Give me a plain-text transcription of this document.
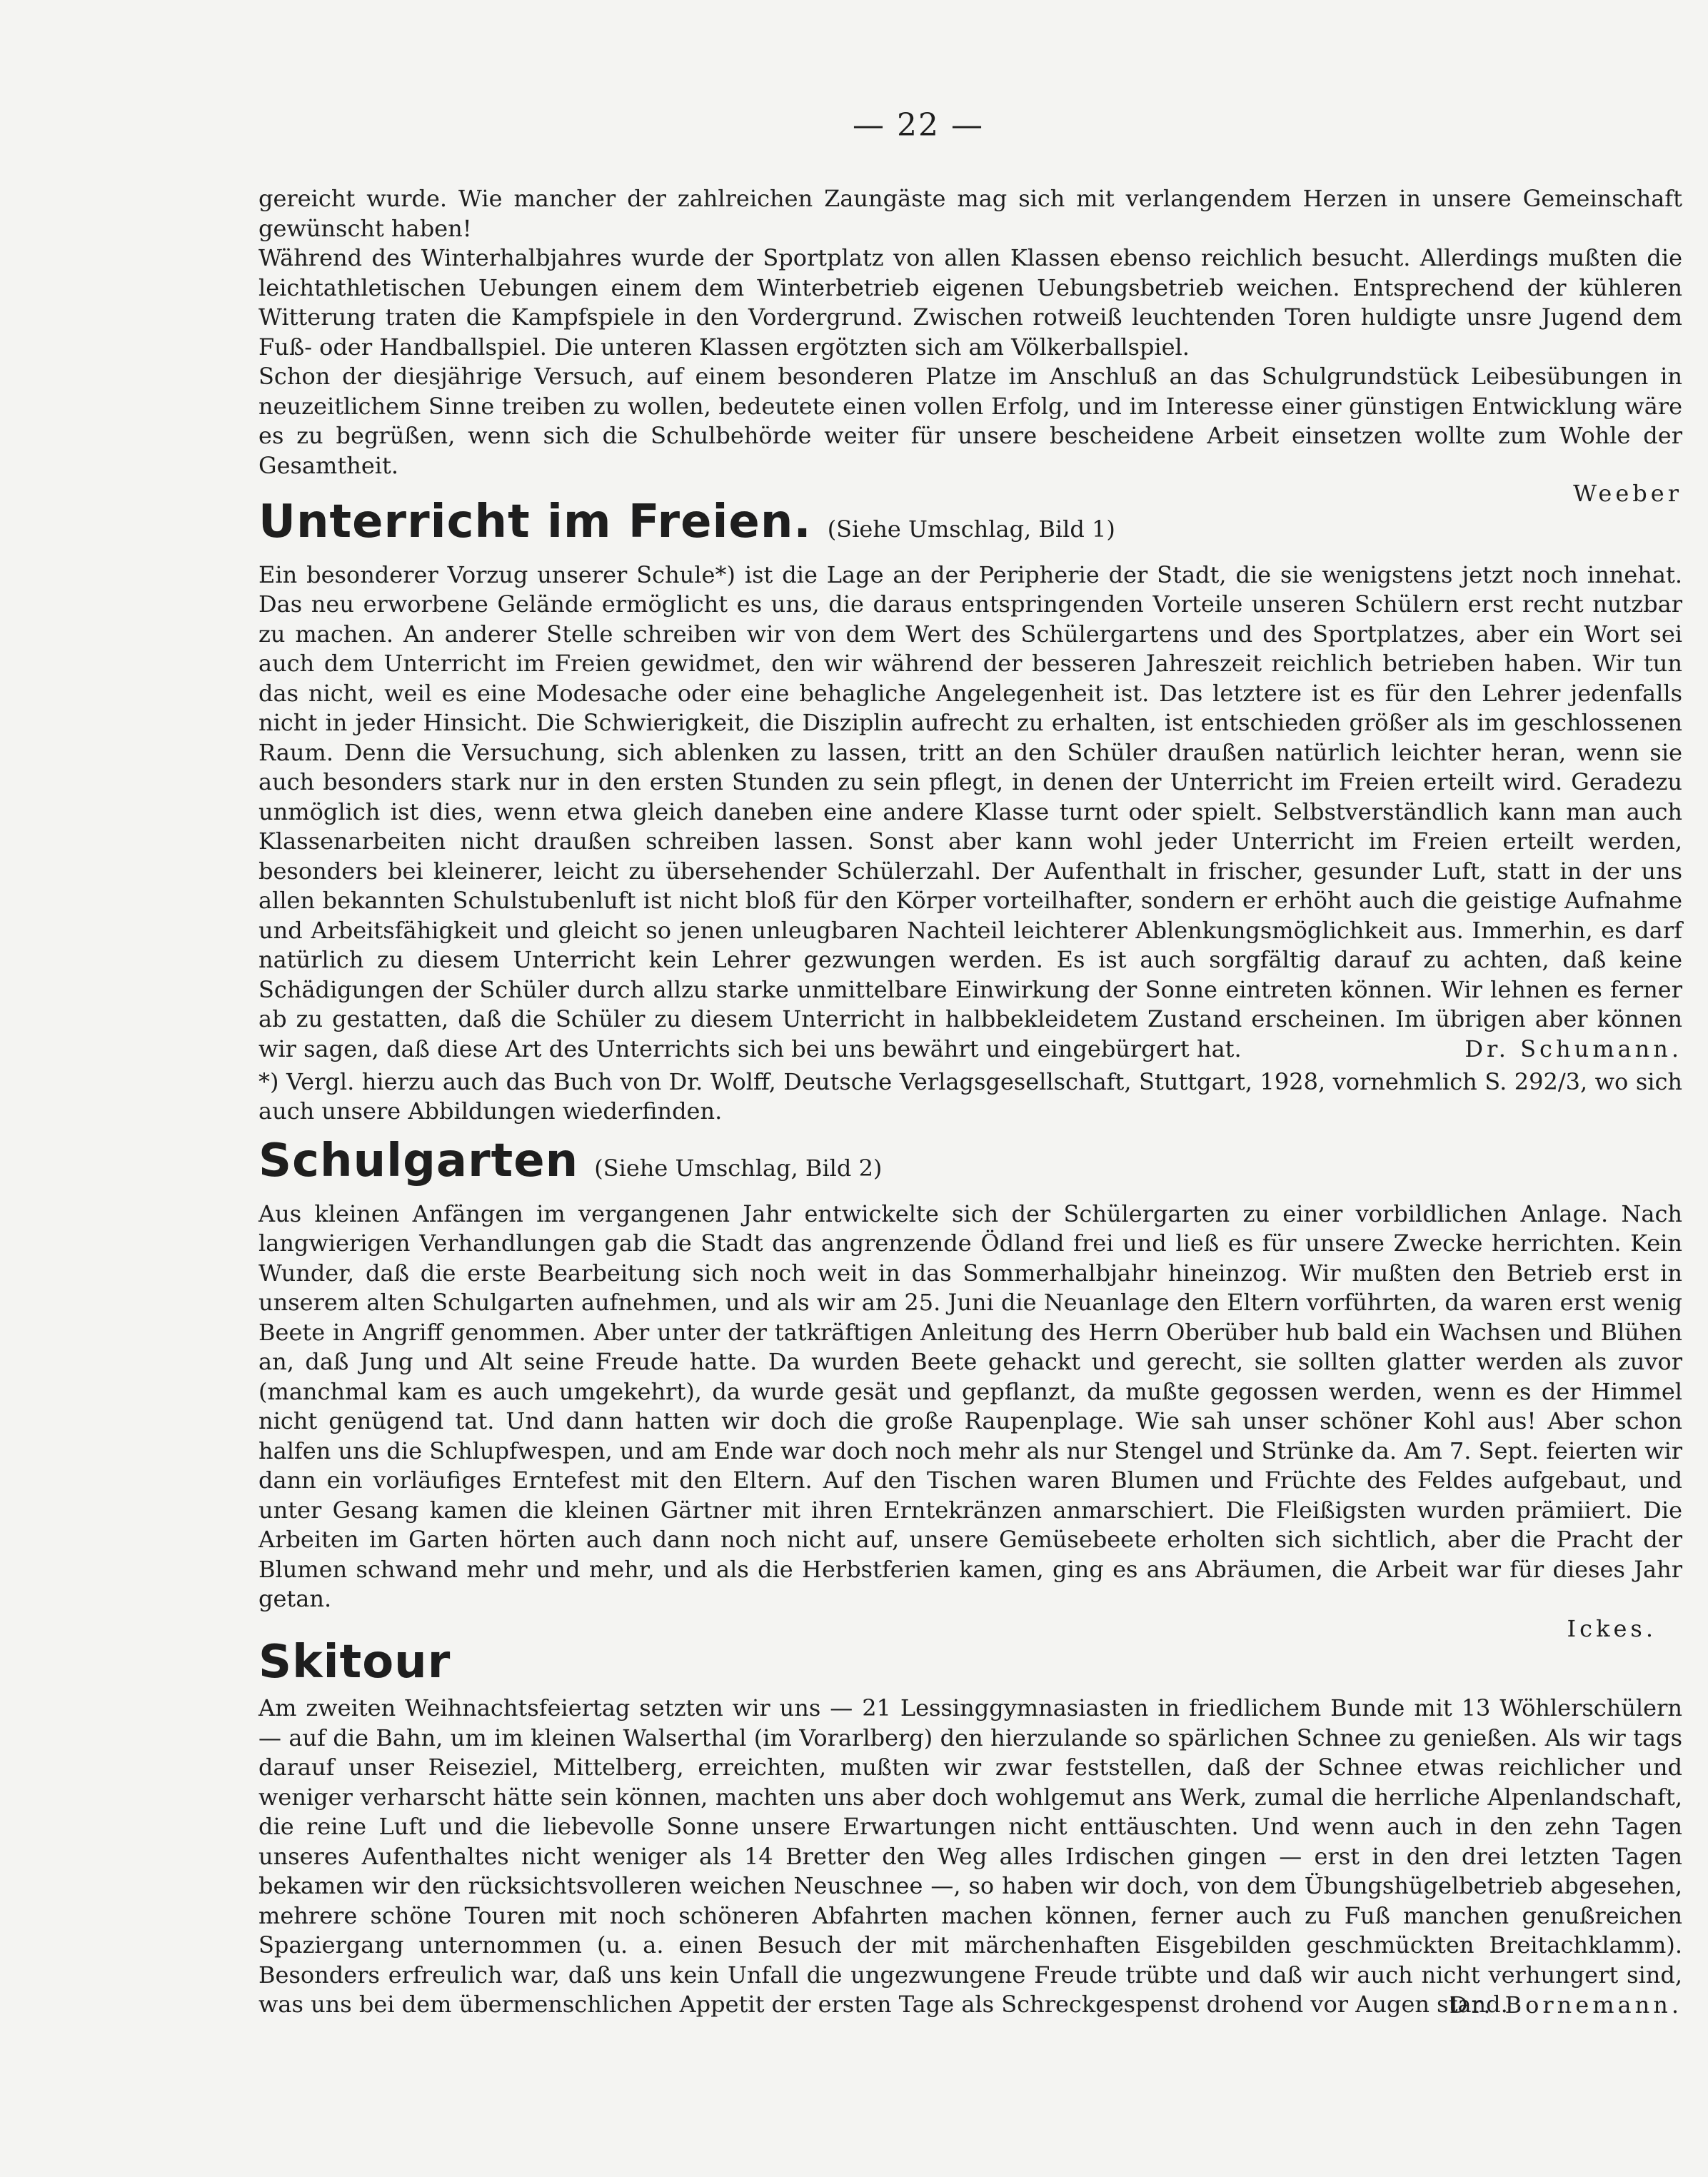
— 22 —

gereicht wurde. Wie mancher der zahlreichen Zaungäste mag sich mit verlangendem Herzen in unsere Gemeinschaft gewünscht haben!

Während des Winterhalbjahres wurde der Sportplatz von allen Klassen ebenso reichlich besucht. Allerdings mußten die leichtathletischen Uebungen einem dem Winterbetrieb eigenen Uebungsbetrieb weichen. Entsprechend der kühleren Witterung traten die Kampfspiele in den Vordergrund. Zwischen rotweiß leuchtenden Toren huldigte unsre Jugend dem Fuß- oder Handballspiel. Die unteren Klassen ergötzten sich am Völkerballspiel.

Schon der diesjährige Versuch, auf einem besonderen Platze im Anschluß an das Schulgrundstück Leibesübungen in neuzeitlichem Sinne treiben zu wollen, bedeutete einen vollen Erfolg, und im Interesse einer günstigen Entwicklung wäre es zu begrüßen, wenn sich die Schulbehörde weiter für unsere bescheidene Arbeit einsetzen wollte zum Wohle der Gesamtheit.

Weeber
Unterricht im Freien. (Siehe Umschlag, Bild 1)

Ein besonderer Vorzug unserer Schule*) ist die Lage an der Peripherie der Stadt, die sie wenigstens jetzt noch innehat. Das neu erworbene Gelände ermöglicht es uns, die daraus entspringenden Vorteile unseren Schülern erst recht nutzbar zu machen. An anderer Stelle schreiben wir von dem Wert des Schülergartens und des Sportplatzes, aber ein Wort sei auch dem Unterricht im Freien gewidmet, den wir während der besseren Jahreszeit reichlich betrieben haben. Wir tun das nicht, weil es eine Modesache oder eine behagliche Angelegenheit ist. Das letztere ist es für den Lehrer jedenfalls nicht in jeder Hinsicht. Die Schwierigkeit, die Disziplin aufrecht zu erhalten, ist entschieden größer als im geschlossenen Raum. Denn die Versuchung, sich ablenken zu lassen, tritt an den Schüler draußen natürlich leichter heran, wenn sie auch besonders stark nur in den ersten Stunden zu sein pflegt, in denen der Unterricht im Freien erteilt wird. Geradezu unmöglich ist dies, wenn etwa gleich daneben eine andere Klasse turnt oder spielt. Selbstverständlich kann man auch Klassenarbeiten nicht draußen schreiben lassen. Sonst aber kann wohl jeder Unterricht im Freien erteilt werden, besonders bei kleinerer, leicht zu übersehender Schülerzahl. Der Aufenthalt in frischer, gesunder Luft, statt in der uns allen bekannten Schulstubenluft ist nicht bloß für den Körper vorteilhafter, sondern er erhöht auch die geistige Aufnahme und Arbeitsfähigkeit und gleicht so jenen unleugbaren Nachteil leichterer Ablenkungsmöglichkeit aus. Immerhin, es darf natürlich zu diesem Unterricht kein Lehrer gezwungen werden. Es ist auch sorgfältig darauf zu achten, daß keine Schädigungen der Schüler durch allzu starke unmittelbare Einwirkung der Sonne eintreten können. Wir lehnen es ferner ab zu gestatten, daß die Schüler zu diesem Unterricht in halbbekleidetem Zustand erscheinen. Im übrigen aber können wir sagen, daß diese Art des Unterrichts sich bei uns bewährt und eingebürgert hat.	Dr. Schumann.
*) Vergl. hierzu auch das Buch von Dr. Wolff, Deutsche Verlagsgesellschaft, Stuttgart, 1928, vornehmlich S. 292/3, wo sich auch unsere Abbildungen wiederfinden.
Schulgarten (Siehe Umschlag, Bild 2)

Aus kleinen Anfängen im vergangenen Jahr entwickelte sich der Schülergarten zu einer vorbildlichen Anlage. Nach langwierigen Verhandlungen gab die Stadt das angrenzende Ödland frei und ließ es für unsere Zwecke herrichten. Kein Wunder, daß die erste Bearbeitung sich noch weit in das Sommerhalbjahr hineinzog. Wir mußten den Betrieb erst in unserem alten Schulgarten aufnehmen, und als wir am 25. Juni die Neuanlage den Eltern vorführten, da waren erst wenig Beete in Angriff genommen. Aber unter der tatkräftigen Anleitung des Herrn Oberüber hub bald ein Wachsen und Blühen an, daß Jung und Alt seine Freude hatte. Da wurden Beete gehackt und gerecht, sie sollten glatter werden als zuvor (manchmal kam es auch umgekehrt), da wurde gesät und gepflanzt, da mußte gegossen werden, wenn es der Himmel nicht genügend tat. Und dann hatten wir doch die große Raupenplage. Wie sah unser schöner Kohl aus! Aber schon halfen uns die Schlupfwespen, und am Ende war doch noch mehr als nur Stengel und Strünke da. Am 7. Sept. feierten wir dann ein vorläufiges Erntefest mit den Eltern. Auf den Tischen waren Blumen und Früchte des Feldes aufgebaut, und unter Gesang kamen die kleinen Gärtner mit ihren Erntekränzen anmarschiert. Die Fleißigsten wurden prämiiert. Die Arbeiten im Garten hörten auch dann noch nicht auf, unsere Gemüsebeete erholten sich sichtlich, aber die Pracht der Blumen schwand mehr und mehr, und als die Herbstferien kamen, ging es ans Abräumen, die Arbeit war für dieses Jahr getan.

Ickes.
Skitour

Am zweiten Weihnachtsfeiertag setzten wir uns — 21 Lessinggymnasiasten in friedlichem Bunde mit 13 Wöhlerschülern — auf die Bahn, um im kleinen Walserthal (im Vorarlberg) den hierzulande so spärlichen Schnee zu genießen. Als wir tags darauf unser Reiseziel, Mittelberg, erreichten, mußten wir zwar feststellen, daß der Schnee etwas reichlicher und weniger verharscht hätte sein können, machten uns aber doch wohlgemut ans Werk, zumal die herrliche Alpenlandschaft, die reine Luft und die liebevolle Sonne unsere Erwartungen nicht enttäuschten. Und wenn auch in den zehn Tagen unseres Aufenthaltes nicht weniger als 14 Bretter den Weg alles Irdischen gingen — erst in den drei letzten Tagen bekamen wir den rücksichtsvolleren weichen Neuschnee —, so haben wir doch, von dem Übungshügelbetrieb abgesehen, mehrere schöne Touren mit noch schöneren Abfahrten machen können, ferner auch zu Fuß manchen genußreichen Spaziergang unternommen (u. a. einen Besuch der mit märchenhaften Eisgebilden geschmückten Breitachklamm). Besonders erfreulich war, daß uns kein Unfall die ungezwungene Freude trübte und daß wir auch nicht verhungert sind, was uns bei dem übermenschlichen Appetit der ersten Tage als Schreckgespenst drohend vor Augen stand.

Dr. Bornemann.
